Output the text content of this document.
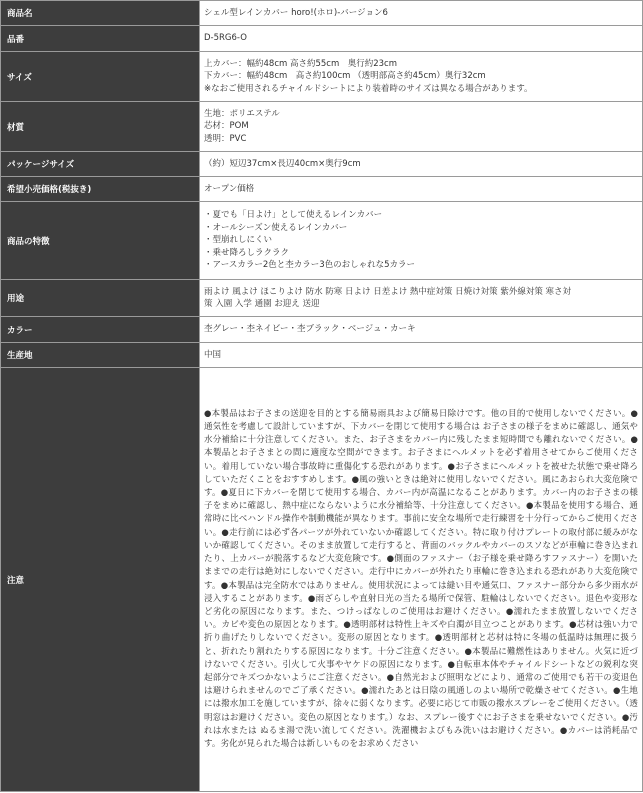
商品名	シェル型レインカバー horo!(ホロ)-バージョン6
品番	D-5RG6-O
サイズ	上カバー：幅約48cm 高さ約55cm　奥行約23cm
下カバー：幅約48cm　高さ約100cm （透明部高さ約45cm）奥行32cm
※なおご使用されるチャイルドシートにより装着時のサイズは異なる場合があります。

材質	生地：ポリエステル
芯材：POM
透明：PVC

パッケージサイズ	（約）短辺37cm×長辺40cm×奥行9cm
希望小売価格(税抜き)	オープン価格
商品の特徴	・夏でも「日よけ」として使えるレインカバー
・オールシーズン使えるレインカバー
・型崩れしにくい
・乗せ降ろしラクラク
・アースカラー2色と杢カラー3色のおしゃれな5カラー

用途	雨よけ 風よけ ほこりよけ 防水 防寒 日よけ 日差よけ 熱中症対策 日焼け対策 紫外線対策 寒さ対
策 入園 入学 通園 お迎え 送迎

カラー	杢グレー・杢ネイビー・杢ブラック・ベージュ・カーキ
生産地	中国
注意	●本製品はお子さまの送迎を目的とする簡易雨具および簡易日除けです。他の目的で使用しないでください。●通気性を考慮して設計していますが、下カバーを閉じて使用する場合は お子さまの様子をまめに確認し、通気や水分補給に十分注意してください。また、お子さまをカバー内に残したまま短時間でも離れないでください。●本製品とお子さまとの間に適度な空間ができます。お子さまにヘルメットを必ず着用させてからご使用ください。着用していない場合事故時に重傷化する恐れがあります。●お子さまにヘルメットを被せた状態で乗せ降ろしていただくことをおすすめします。●風の強いときは絶対に使用しないでください。風にあおられ大変危険です。●夏日に下カバーを閉じて使用する場合、カバー内が高温になることがあります。カバー内のお子さまの様子をまめに確認し、熱中症にならないように水分補給等、十分注意してください。●本製品を使用する場合、通常時に比べハンドル操作や制動機能が異なります。事前に安全な場所で走行練習を十分行ってからご使用ください。●走行前には必ず各パーツが外れていないか確認してください。特に取り付けプレートの取付部に緩みがないか確認してください。そのまま放置して走行すると、背面のバックルやカバーのスソなどが車輪に巻き込まれたり、上カバーが脱落するなど大変危険です。●側面のファスナー（お子様を乗せ降ろすファスナー）を開いたままでの走行は絶対にしないでください。走行中にカバーが外れたり車輪に巻き込まれる恐れがあり大変危険です。●本製品は完全防水ではありません。使用状況によっては縫い目や通気口、ファスナー部分から多少雨水が浸入することがあります。●雨ざらしや直射日光の当たる場所で保管、駐輪はしないでください。退色や変形など劣化の原因になります。また、つけっぱなしのご使用はお避けください。●濡れたまま放置しないでください。カビや変色の原因となります。●透明部材は特性上キズや白濁が目立つことがあります。●芯材は強い力で折り曲げたりしないでください。変形の原因となります。●透明部材と芯材は特に冬場の低温時は無理に扱うと、折れたり割れたりする原因になります。十分ご注意ください。●本製品に難燃性はありません。火気に近づけないでください。引火して火事やヤケドの原因になります。●自転車本体やチャイルドシートなどの鋭利な突起部分でキズつかないようにご注意ください。●自然光および照明などにより、通常のご使用でも若干の変退色は避けられませんのでご了承ください。●濡れたあとは日陰の風通しのよい場所で乾燥させてください。●生地には撥水加工を施していますが、徐々に弱くなります。必要に応じて市販の撥水スプレーをご使用ください。（透明窓はお避けください。変色の原因となります。）なお、スプレー後すぐにお子さまを乗せないでください。●汚れは水または ぬるま湯で洗い流してください。洗濯機およびもみ洗いはお避けください。●カバーは消耗品です。劣化が見られた場合は新しいものをお求めください
